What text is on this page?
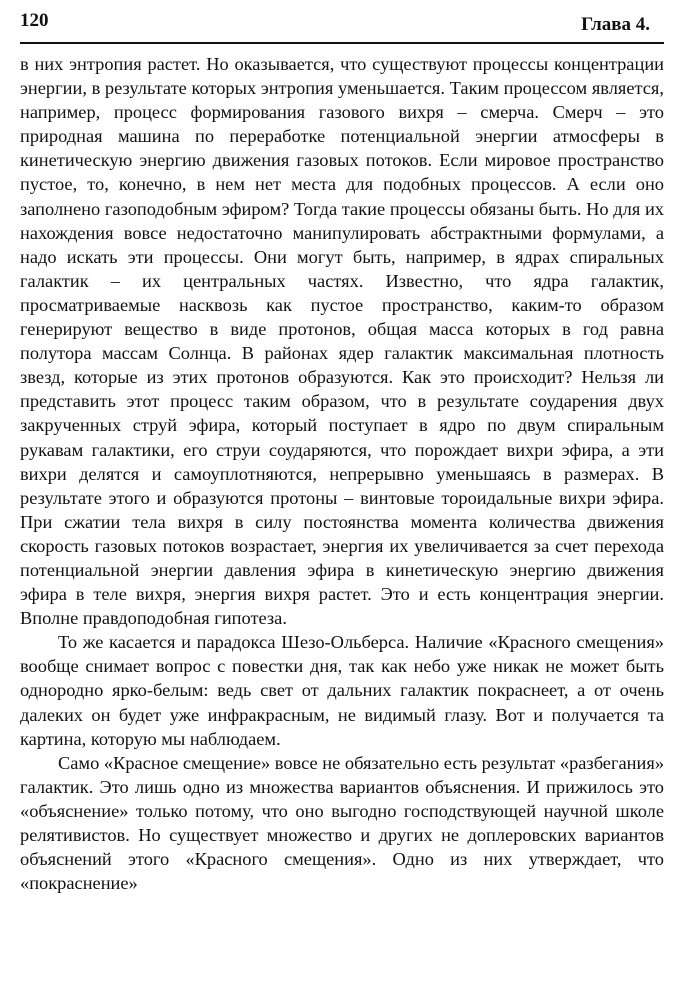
120	Глава 4.

в них энтропия растет. Но оказывается, что существуют процессы концентрации энергии, в результате которых энтропия уменьшается. Таким процессом является, например, процесс формирования газового вихря – смерча. Смерч – это природная машина по переработке потенциальной энергии атмосферы в кинетическую энергию движения газовых потоков. Если мировое пространство пустое, то, конечно, в нем нет места для подобных процессов. А если оно заполнено газоподобным эфиром? Тогда такие процессы обязаны быть. Но для их нахождения вовсе недостаточно манипулировать абстрактными формулами, а надо искать эти процессы. Они могут быть, например, в ядрах спиральных галактик – их центральных частях. Известно, что ядра галактик, просматриваемые насквозь как пустое пространство, каким-то образом генерируют вещество в виде протонов, общая масса которых в год равна полутора массам Солнца. В районах ядер галактик максимальная плотность звезд, которые из этих протонов образуются. Как это происходит? Нельзя ли представить этот процесс таким образом, что в результате соударения двух закрученных струй эфира, который поступает в ядро по двум спиральным рукавам галактики, его струи соударяются, что порождает вихри эфира, а эти вихри делятся и самоуплотняются, непрерывно уменьшаясь в размерах. В результате этого и образуются протоны – винтовые тороидальные вихри эфира. При сжатии тела вихря в силу постоянства момента количества движения скорость газовых потоков возрастает, энергия их увеличивается за счет перехода потенциальной энергии давления эфира в кинетическую энергию движения эфира в теле вихря, энергия вихря растет. Это и есть концентрация энергии. Вполне правдоподобная гипотеза.

То же касается и парадокса Шезо-Ольберса. Наличие «Красного смещения» вообще снимает вопрос с повестки дня, так как небо уже никак не может быть однородно ярко-белым: ведь свет от дальних галактик покраснеет, а от очень далеких он будет уже инфракрасным, не видимый глазу. Вот и получается та картина, которую мы наблюдаем.

Само «Красное смещение» вовсе не обязательно есть результат «разбегания» галактик. Это лишь одно из множества вариантов объяснения. И прижилось это «объяснение» только потому, что оно выгодно господствующей научной школе релятивистов. Но существует множество и других не доплеровских вариантов объяснений этого «Красного смещения». Одно из них утверждает, что «покраснение»
